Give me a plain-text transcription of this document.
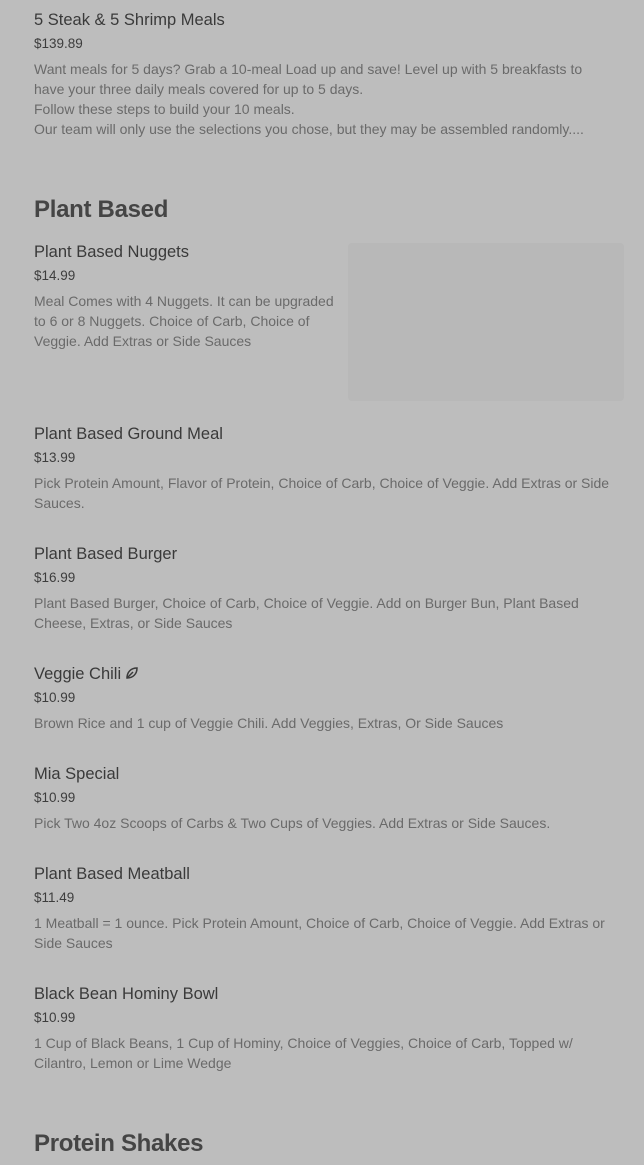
5 Steak & 5 Shrimp Meals
$139.89
Want meals for 5 days? Grab a 10-meal Load up and save! Level up with 5 breakfasts to
have your three daily meals covered for up to 5 days.
Follow these steps to build your 10 meals.
Our team will only use the selections you chose, but they may be assembled randomly....
Plant Based
Plant Based Nuggets
$14.99
Meal Comes with 4 Nuggets. It can be upgraded
to 6 or 8 Nuggets. Choice of Carb, Choice of
Veggie. Add Extras or Side Sauces
Plant Based Ground Meal
$13.99
Pick Protein Amount, Flavor of Protein, Choice of Carb, Choice of Veggie. Add Extras or Side
Sauces.
Plant Based Burger
$16.99
Plant Based Burger, Choice of Carb, Choice of Veggie. Add on Burger Bun, Plant Based
Cheese, Extras, or Side Sauces
Veggie Chili
$10.99
Brown Rice and 1 cup of Veggie Chili. Add Veggies, Extras, Or Side Sauces
Mia Special
$10.99
Pick Two 4oz Scoops of Carbs & Two Cups of Veggies. Add Extras or Side Sauces.
Plant Based Meatball
$11.49
1 Meatball = 1 ounce. Pick Protein Amount, Choice of Carb, Choice of Veggie. Add Extras or
Side Sauces
Black Bean Hominy Bowl
$10.99
1 Cup of Black Beans, 1 Cup of Hominy, Choice of Veggies, Choice of Carb, Topped w/
Cilantro, Lemon or Lime Wedge
Protein Shakes
